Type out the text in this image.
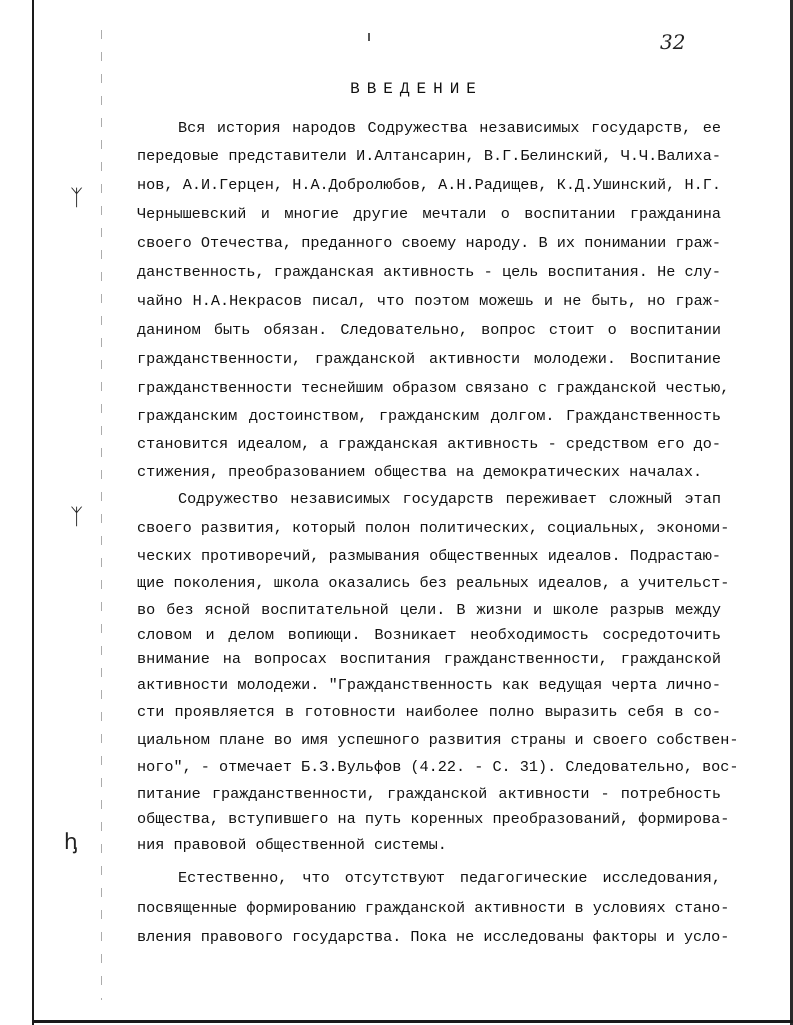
ᛉ
ᛉ
ꞕ
32
ВВЕДЕНИЕ
Вся история народов Содружества независимых государств, ее
передовые представители И.Алтансарин, В.Г.Белинский, Ч.Ч.Валиха-
нов, А.И.Герцен, Н.А.Добролюбов, А.Н.Радищев, К.Д.Ушинский, Н.Г.
Чернышевский и многие другие мечтали о воспитании гражданина
своего Отечества, преданного своему народу. В их понимании граж-
данственность, гражданская активность - цель воспитания. Не слу-
чайно Н.А.Некрасов писал, что поэтом можешь и не быть, но граж-
данином быть обязан. Следовательно, вопрос стоит о воспитании
гражданственности, гражданской активности молодежи. Воспитание
гражданственности теснейшим образом связано с гражданской честью,
гражданским достоинством, гражданским долгом. Гражданственность
становится идеалом, а гражданская активность - средством его до-
стижения, преобразованием общества на демократических началах.
Содружество независимых государств переживает сложный этап
своего развития, который полон политических, социальных, экономи-
ческих противоречий, размывания общественных идеалов. Подрастаю-
щие поколения, школа оказались без реальных идеалов, а учительст-
во без ясной воспитательной цели. В жизни и школе разрыв между
словом и делом вопиющи. Возникает необходимость сосредоточить
внимание на вопросах воспитания гражданственности, гражданской
активности молодежи. "Гражданственность как ведущая черта лично-
сти проявляется в готовности наиболее полно выразить себя в со-
циальном плане во имя успешного развития страны и своего собствен-
ного", - отмечает Б.З.Вульфов (4.22. - С. 31). Следовательно, вос-
питание гражданственности, гражданской активности - потребность
общества, вступившего на путь коренных преобразований, формирова-
ния правовой общественной системы.
Естественно, что отсутствуют педагогические исследования,
посвященные формированию гражданской активности в условиях стано-
вления правового государства. Пока не исследованы факторы и усло-
